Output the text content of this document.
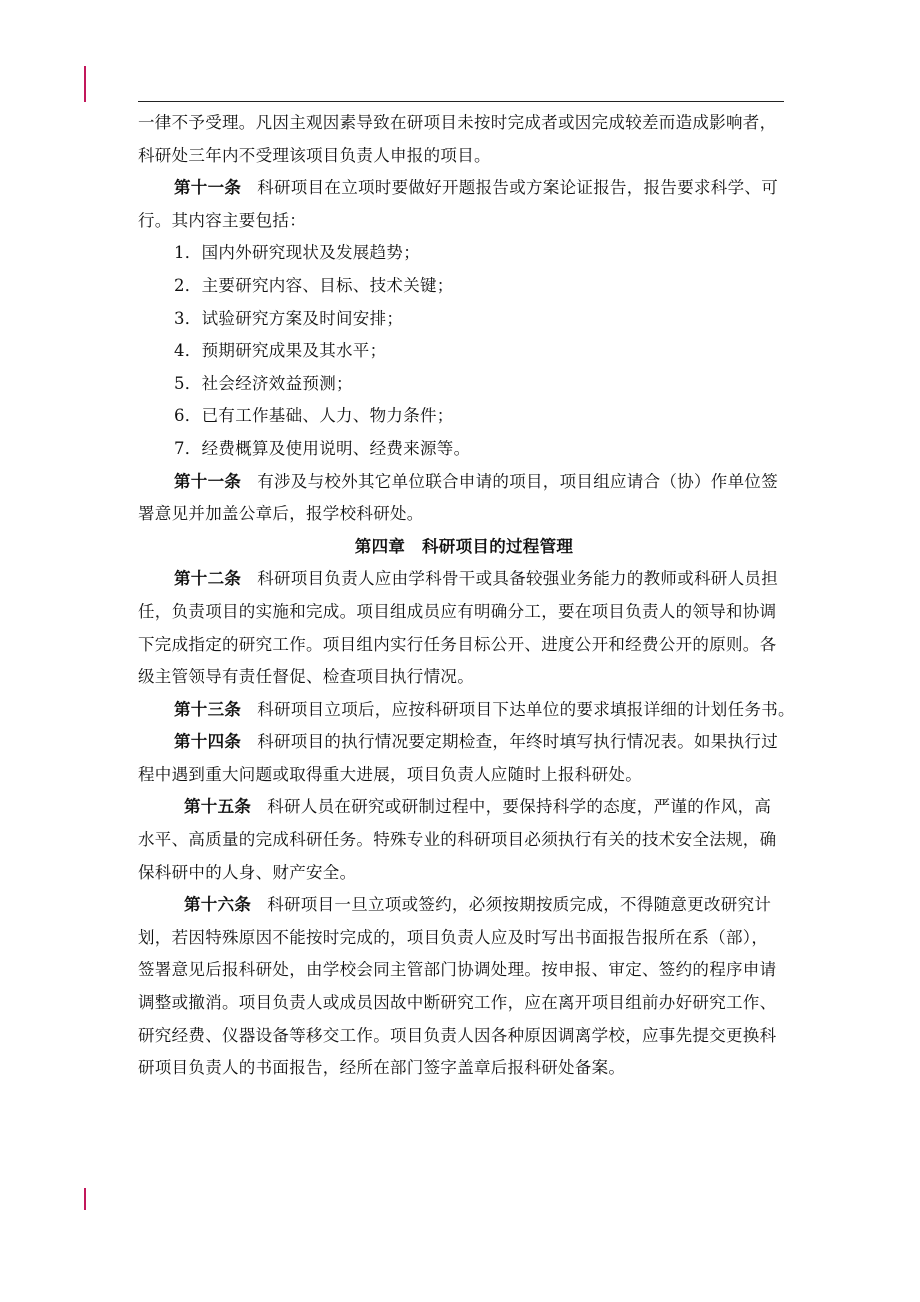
一律不予受理。凡因主观因素导致在研项目未按时完成者或因完成较差而造成影响者，
科研处三年内不受理该项目负责人申报的项目。

第十一条 科研项目在立项时要做好开题报告或方案论证报告，报告要求科学、可
行。其内容主要包括：

1．国内外研究现状及发展趋势；
2．主要研究内容、目标、技术关键；
3．试验研究方案及时间安排；
4．预期研究成果及其水平；
5．社会经济效益预测；
6．已有工作基础、人力、物力条件；
7．经费概算及使用说明、经费来源等。

第十一条 有涉及与校外其它单位联合申请的项目，项目组应请合（协）作单位签
署意见并加盖公章后，报学校科研处。

第四章　科研项目的过程管理

第十二条 科研项目负责人应由学科骨干或具备较强业务能力的教师或科研人员担
任，负责项目的实施和完成。项目组成员应有明确分工，要在项目负责人的领导和协调
下完成指定的研究工作。项目组内实行任务目标公开、进度公开和经费公开的原则。各
级主管领导有责任督促、检查项目执行情况。

第十三条 科研项目立项后，应按科研项目下达单位的要求填报详细的计划任务书。

第十四条 科研项目的执行情况要定期检查，年终时填写执行情况表。如果执行过
程中遇到重大问题或取得重大进展，项目负责人应随时上报科研处。

第十五条 科研人员在研究或研制过程中，要保持科学的态度，严谨的作风，高
水平、高质量的完成科研任务。特殊专业的科研项目必须执行有关的技术安全法规，确
保科研中的人身、财产安全。

第十六条 科研项目一旦立项或签约，必须按期按质完成，不得随意更改研究计
划，若因特殊原因不能按时完成的，项目负责人应及时写出书面报告报所在系（部），
签署意见后报科研处，由学校会同主管部门协调处理。按申报、审定、签约的程序申请
调整或撤消。项目负责人或成员因故中断研究工作，应在离开项目组前办好研究工作、
研究经费、仪器设备等移交工作。项目负责人因各种原因调离学校，应事先提交更换科
研项目负责人的书面报告，经所在部门签字盖章后报科研处备案。
